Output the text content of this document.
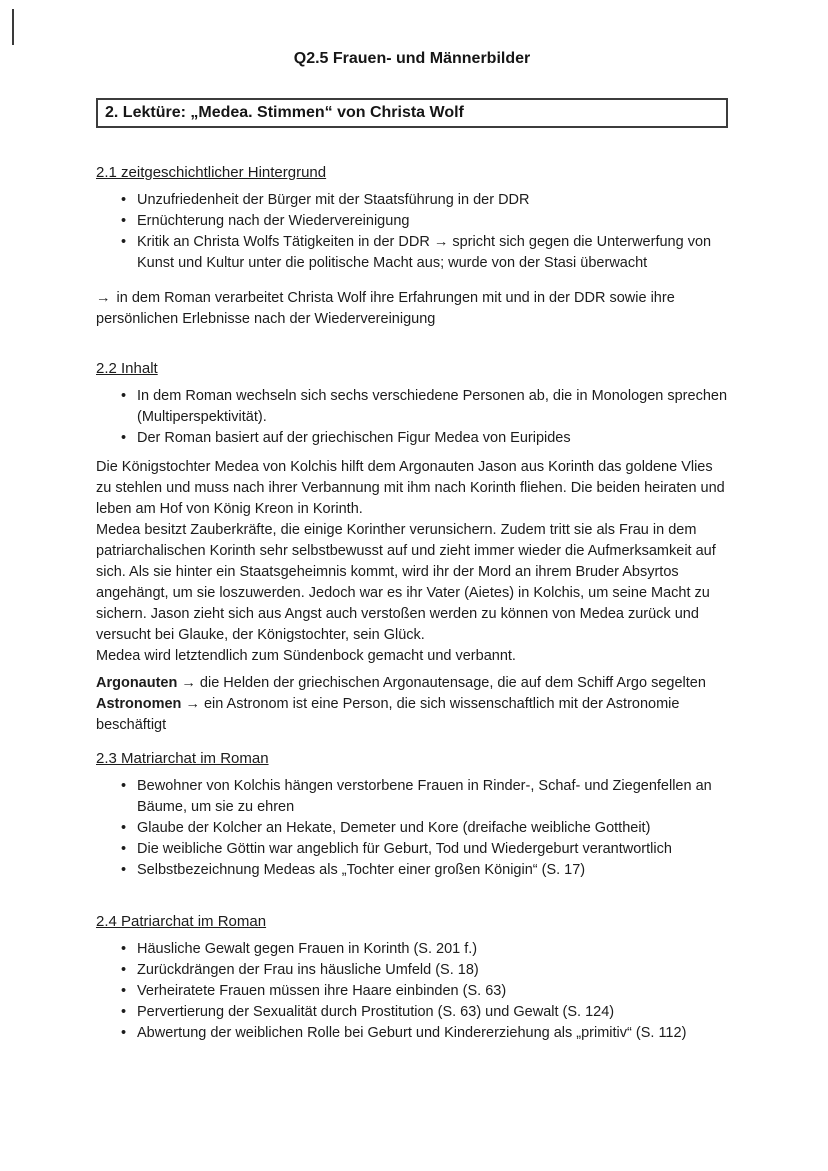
Q2.5 Frauen- und Männerbilder
2. Lektüre: „Medea. Stimmen“ von Christa Wolf
2.1 zeitgeschichtlicher Hintergrund
• Unzufriedenheit der Bürger mit der Staatsführung in der DDR
• Ernüchterung nach der Wiedervereinigung
• Kritik an Christa Wolfs Tätigkeiten in der DDR → spricht sich gegen die Unterwerfung von Kunst und Kultur unter die politische Macht aus; wurde von der Stasi überwacht

→ in dem Roman verarbeitet Christa Wolf ihre Erfahrungen mit und in der DDR sowie ihre persönlichen Erlebnisse nach der Wiedervereinigung

2.2 Inhalt
• In dem Roman wechseln sich sechs verschiedene Personen ab, die in Monologen sprechen (Multiperspektivität).
• Der Roman basiert auf der griechischen Figur Medea von Euripides

Die Königstochter Medea von Kolchis hilft dem Argonauten Jason aus Korinth das goldene Vlies zu stehlen und muss nach ihrer Verbannung mit ihm nach Korinth fliehen. Die beiden heiraten und leben am Hof von König Kreon in Korinth.

Medea besitzt Zauberkräfte, die einige Korinther verunsichern. Zudem tritt sie als Frau in dem patriarchalischen Korinth sehr selbstbewusst auf und zieht immer wieder die Aufmerksamkeit auf sich. Als sie hinter ein Staatsgeheimnis kommt, wird ihr der Mord an ihrem Bruder Absyrtos angehängt, um sie loszuwerden. Jedoch war es ihr Vater (Aietes) in Kolchis, um seine Macht zu sichern. Jason zieht sich aus Angst auch verstoßen werden zu können von Medea zurück und versucht bei Glauke, der Königstochter, sein Glück.

Medea wird letztendlich zum Sündenbock gemacht und verbannt.

Argonauten → die Helden der griechischen Argonautensage, die auf dem Schiff Argo segelten

Astronomen → ein Astronom ist eine Person, die sich wissenschaftlich mit der Astronomie beschäftigt

2.3 Matriarchat im Roman
• Bewohner von Kolchis hängen verstorbene Frauen in Rinder-, Schaf- und Ziegenfellen an Bäume, um sie zu ehren
• Glaube der Kolcher an Hekate, Demeter und Kore (dreifache weibliche Gottheit)
• Die weibliche Göttin war angeblich für Geburt, Tod und Wiedergeburt verantwortlich
• Selbstbezeichnung Medeas als „Tochter einer großen Königin“ (S. 17)
2.4 Patriarchat im Roman
• Häusliche Gewalt gegen Frauen in Korinth (S. 201 f.)
• Zurückdrängen der Frau ins häusliche Umfeld (S. 18)
• Verheiratete Frauen müssen ihre Haare einbinden (S. 63)
• Pervertierung der Sexualität durch Prostitution (S. 63) und Gewalt (S. 124)
• Abwertung der weiblichen Rolle bei Geburt und Kindererziehung als „primitiv“ (S. 112)
